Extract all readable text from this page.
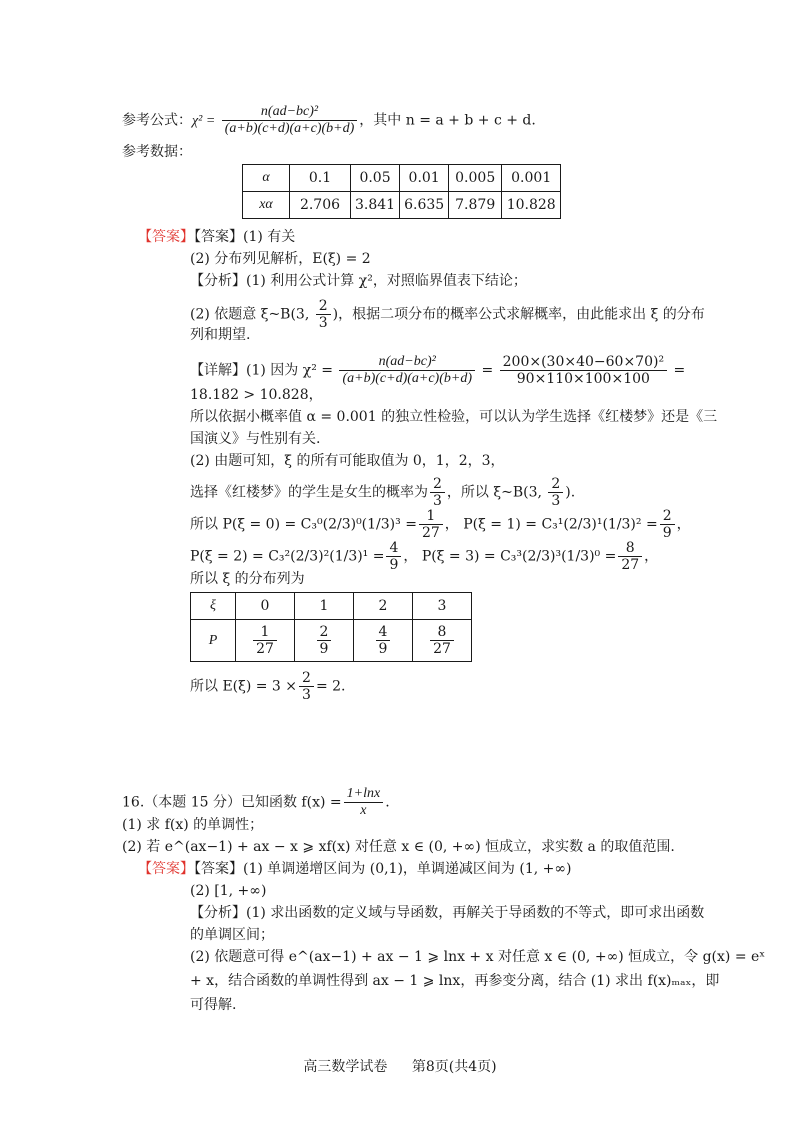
参考公式：$\chi^2 = \frac{\text{n(ad−bc)²}}{(a+b)(c+d)(a+c)(b+d)}$ ，其中 n = a + b + c + d.
参考数据：
α	0.1	0.05	0.01	0.005	0.001
xα	2.706	3.841	6.635	7.879	10.828
【答案】【答案】(1) 有关
(2) 分布列见解析，E(ξ) = 2
【分析】(1) 利用公式计算 χ²，对照临界值表下结论；
(2) 依题意 ξ~B(3, $\frac{2}{3}$ )，根据二项分布的概率公式求解概率，由此能求出 ξ 的分布
列和期望.
【详解】(1) 因为 $\chi^2 = \frac{\text{n(ad−bc)²}}{(a+b)(c+d)(a+c)(b+d)} = \frac{\text{200×(30×40−60×70)²}}{90\times 110\times 100\times 100}$ =
18.182 > 10.828，
所以依据小概率值 α = 0.001 的独立性检验，可以认为学生选择《红楼梦》还是《三
国演义》与性别有关.
(2) 由题可知，ξ 的所有可能取值为 0，1，2，3，
选择《红楼梦》的学生是女生的概率为 $\frac{2}{3}$ ，所以 ξ~B(3, $\frac{2}{3}$ ).
所以 $P(\xi = 0) = C_3^0(2/3)^0(1/3)^3 = \frac{1}{27}$ ， $P(\xi = 1) = C_3^1(2/3)^1(1/3)^2 = \frac{2}{9}$ ，
$P(\xi = 2) = C_3^2(2/3)^2(1/3)^1 = \frac{4}{9}$ ， $P(\xi = 3) = C_3^3(2/3)^3(1/3)^0 = \frac{8}{27}$ ，
所以 ξ 的分布列为
ξ	0	1	2	3
P	$\frac{1}{27}$	$\frac{2}{9}$	$\frac{4}{9}$	$\frac{8}{27}$
所以 $E(\xi) = 3 \times \frac{2}{3} = 2$.
16.（本题 15 分）已知函数 $f(x) = \frac{1+\ln x}{x}$ .
(1) 求 f(x) 的单调性；
(2) 若 e^(ax−1) + ax − x ⩾ xf(x) 对任意 x ∈ (0, +∞) 恒成立，求实数 a 的取值范围.
【答案】【答案】(1) 单调递增区间为 (0,1)，单调递减区间为 (1, +∞)
(2) [1, +∞)
【分析】(1) 求出函数的定义域与导函数，再解关于导函数的不等式，即可求出函数
的单调区间；
(2) 依题意可得 e^(ax−1) + ax − 1 ⩾ lnx + x 对任意 x ∈ (0, +∞) 恒成立，令 g(x) = eˣ
+ x，结合函数的单调性得到 ax − 1 ⩾ lnx，再参变分离，结合 (1) 求出 f(x)ₘₐₓ，即
可得解.
高三数学试卷 第8页(共4页)
